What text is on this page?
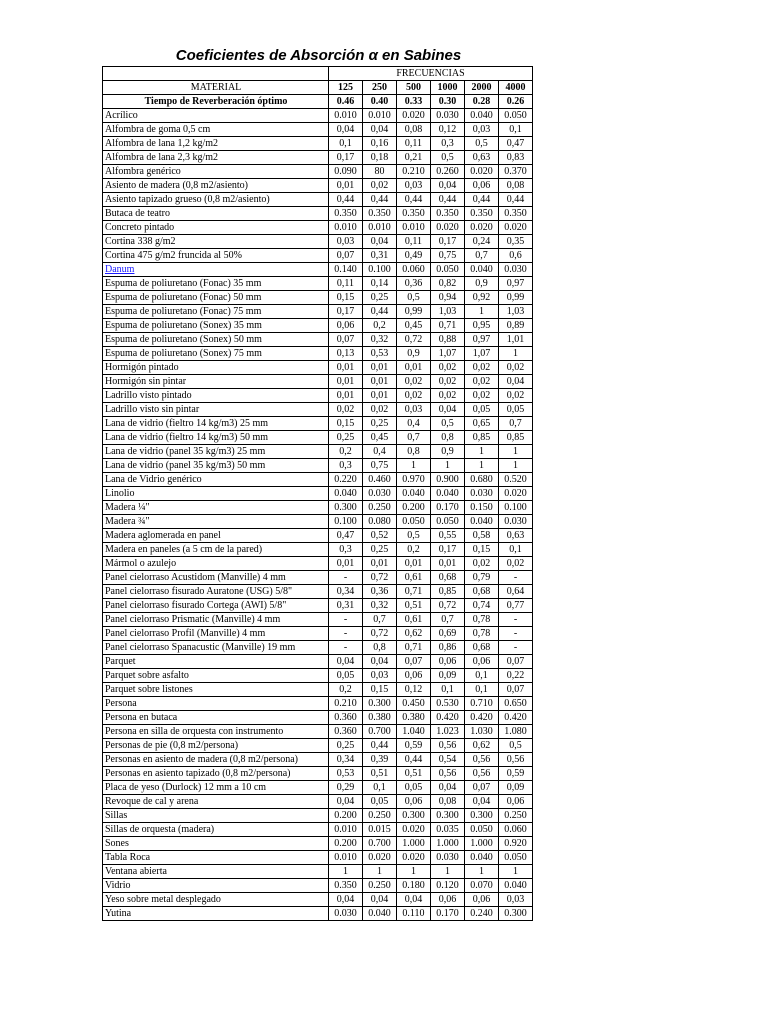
Coeficientes de Absorción α en Sabines
	FRECUENCIAS					
MATERIAL	125	250	500	1000	2000	4000
Tiempo de Reverberación óptimo	0.46	0.40	0.33	0.30	0.28	0.26
Acrílico	0.010	0.010	0.020	0.030	0.040	0.050
Alfombra de goma 0,5 cm	0,04	0,04	0,08	0,12	0,03	0,1
Alfombra de lana 1,2 kg/m2	0,1	0,16	0,11	0,3	0,5	0,47
Alfombra de lana 2,3 kg/m2	0,17	0,18	0,21	0,5	0,63	0,83
Alfombra genérico	0.090	80	0.210	0.260	0.020	0.370
Asiento de madera (0,8 m2/asiento)	0,01	0,02	0,03	0,04	0,06	0,08
Asiento tapizado grueso (0,8 m2/asiento)	0,44	0,44	0,44	0,44	0,44	0,44
Butaca de teatro	0.350	0.350	0.350	0.350	0.350	0.350
Concreto pintado	0.010	0.010	0.010	0.020	0.020	0.020
Cortina 338 g/m2	0,03	0,04	0,11	0,17	0,24	0,35
Cortina 475 g/m2 fruncida al 50%	0,07	0,31	0,49	0,75	0,7	0,6
Danum	0.140	0.100	0.060	0.050	0.040	0.030
Espuma de poliuretano (Fonac) 35 mm	0,11	0,14	0,36	0,82	0,9	0,97
Espuma de poliuretano (Fonac) 50 mm	0,15	0,25	0,5	0,94	0,92	0,99
Espuma de poliuretano (Fonac) 75 mm	0,17	0,44	0,99	1,03	1	1,03
Espuma de poliuretano (Sonex) 35 mm	0,06	0,2	0,45	0,71	0,95	0,89
Espuma de poliuretano (Sonex) 50 mm	0,07	0,32	0,72	0,88	0,97	1,01
Espuma de poliuretano (Sonex) 75 mm	0,13	0,53	0,9	1,07	1,07	1
Hormigón pintado	0,01	0,01	0,01	0,02	0,02	0,02
Hormigón sin pintar	0,01	0,01	0,02	0,02	0,02	0,04
Ladrillo visto pintado	0,01	0,01	0,02	0,02	0,02	0,02
Ladrillo visto sin pintar	0,02	0,02	0,03	0,04	0,05	0,05
Lana de vidrio (fieltro 14 kg/m3) 25 mm	0,15	0,25	0,4	0,5	0,65	0,7
Lana de vidrio (fieltro 14 kg/m3) 50 mm	0,25	0,45	0,7	0,8	0,85	0,85
Lana de vidrio (panel 35 kg/m3) 25 mm	0,2	0,4	0,8	0,9	1	1
Lana de vidrio (panel 35 kg/m3) 50 mm	0,3	0,75	1	1	1	1
Lana de Vidrio genérico	0.220	0.460	0.970	0.900	0.680	0.520
Linolio	0.040	0.030	0.040	0.040	0.030	0.020
Madera ¼"	0.300	0.250	0.200	0.170	0.150	0.100
Madera ¾"	0.100	0.080	0.050	0.050	0.040	0.030
Madera aglomerada en panel	0,47	0,52	0,5	0,55	0,58	0,63
Madera en paneles (a 5 cm de la pared)	0,3	0,25	0,2	0,17	0,15	0,1
Mármol o azulejo	0,01	0,01	0,01	0,01	0,02	0,02
Panel cielorraso Acustidom (Manville) 4 mm	-	0,72	0,61	0,68	0,79	-
Panel cielorraso fisurado Auratone (USG) 5/8"	0,34	0,36	0,71	0,85	0,68	0,64
Panel cielorraso fisurado Cortega (AWI) 5/8"	0,31	0,32	0,51	0,72	0,74	0,77
Panel cielorraso Prismatic (Manville) 4 mm	-	0,7	0,61	0,7	0,78	-
Panel cielorraso Profil (Manville) 4 mm	-	0,72	0,62	0,69	0,78	-
Panel cielorraso Spanacustic (Manville) 19 mm	-	0,8	0,71	0,86	0,68	-
Parquet	0,04	0,04	0,07	0,06	0,06	0,07
Parquet sobre asfalto	0,05	0,03	0,06	0,09	0,1	0,22
Parquet sobre listones	0,2	0,15	0,12	0,1	0,1	0,07
Persona	0.210	0.300	0.450	0.530	0.710	0.650
Persona en butaca	0.360	0.380	0.380	0.420	0.420	0.420
Persona en silla de orquesta con instrumento	0.360	0.700	1.040	1.023	1.030	1.080
Personas de pie (0,8 m2/persona)	0,25	0,44	0,59	0,56	0,62	0,5
Personas en asiento de madera (0,8 m2/persona)	0,34	0,39	0,44	0,54	0,56	0,56
Personas en asiento tapizado (0,8 m2/persona)	0,53	0,51	0,51	0,56	0,56	0,59
Placa de yeso (Durlock) 12 mm a 10 cm	0,29	0,1	0,05	0,04	0,07	0,09
Revoque de cal y arena	0,04	0,05	0,06	0,08	0,04	0,06
Sillas	0.200	0.250	0.300	0.300	0.300	0.250
Sillas de orquesta (madera)	0.010	0.015	0.020	0.035	0.050	0.060
Sones	0.200	0.700	1.000	1.000	1.000	0.920
Tabla Roca	0.010	0.020	0.020	0.030	0.040	0.050
Ventana abierta	1	1	1	1	1	1
Vidrio	0.350	0.250	0.180	0.120	0.070	0.040
Yeso sobre metal desplegado	0,04	0,04	0,04	0,06	0,06	0,03
Yutina	0.030	0.040	0.110	0.170	0.240	0.300
